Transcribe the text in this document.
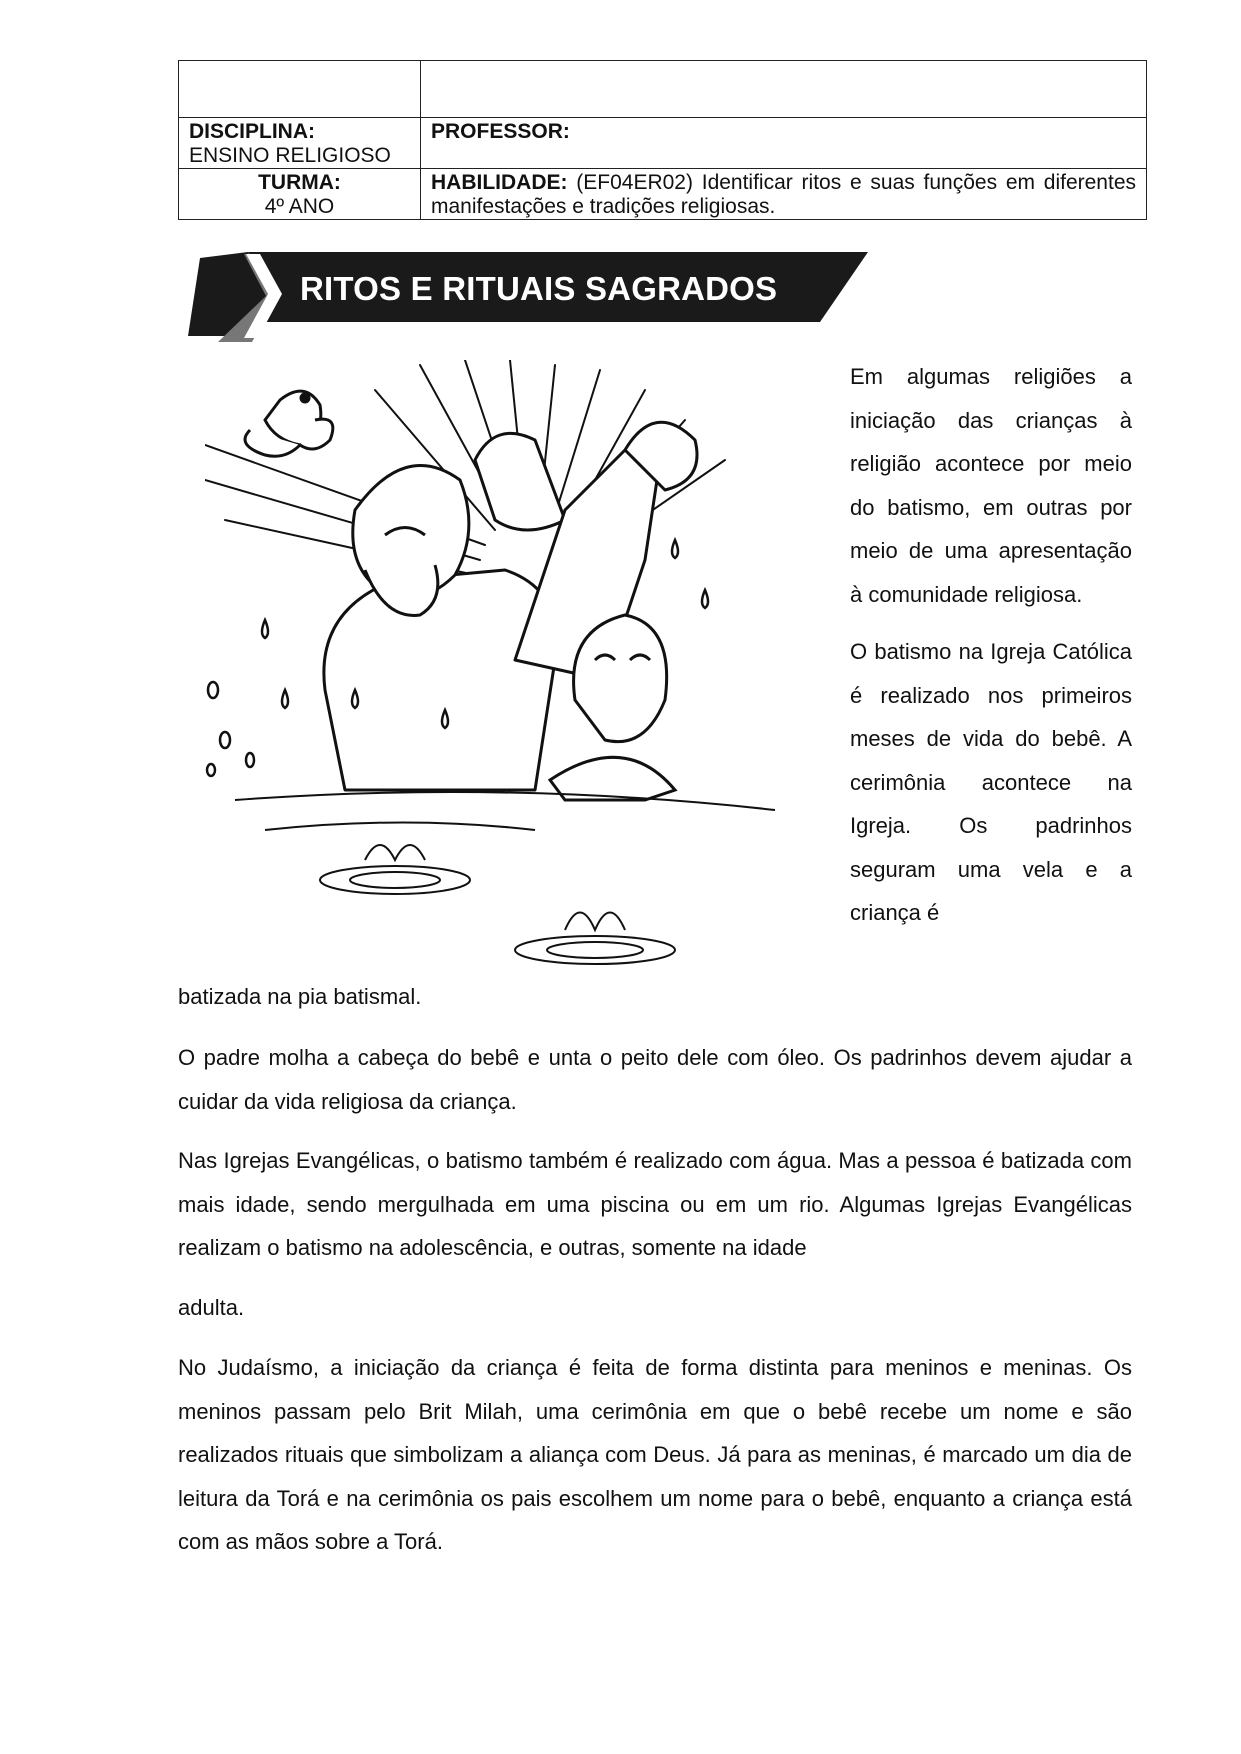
DISCIPLINA:
ENSINO RELIGIOSO	PROFESSOR:

TURMA:
4º ANO	HABILIDADE: (EF04ER02) Identificar ritos e suas funções em diferentes manifestações e tradições religiosas.
RITOS E RITUAIS SAGRADOS

Em algumas religiões a iniciação das crianças à religião acontece por meio do batismo, em outras por meio de uma apresentação à comunidade religiosa.

O batismo na Igreja Católica é realizado nos primeiros meses de vida do bebê. A cerimônia acontece na Igreja. Os padrinhos seguram uma vela e a criança é

batizada na pia batismal.

O padre molha a cabeça do bebê e unta o peito dele com óleo. Os padrinhos devem ajudar a cuidar da vida religiosa da criança.

Nas Igrejas Evangélicas, o batismo também é realizado com água. Mas a pessoa é batizada com mais idade, sendo mergulhada em uma piscina ou em um rio. Algumas Igrejas Evangélicas realizam o batismo na adolescência, e outras, somente na idade

adulta.

No Judaísmo, a iniciação da criança é feita de forma distinta para meninos e meninas. Os meninos passam pelo Brit Milah, uma cerimônia em que o bebê recebe um nome e são realizados rituais que simbolizam a aliança com Deus. Já para as meninas, é marcado um dia de leitura da Torá e na cerimônia os pais escolhem um nome para o bebê, enquanto a criança está com as mãos sobre a Torá.
